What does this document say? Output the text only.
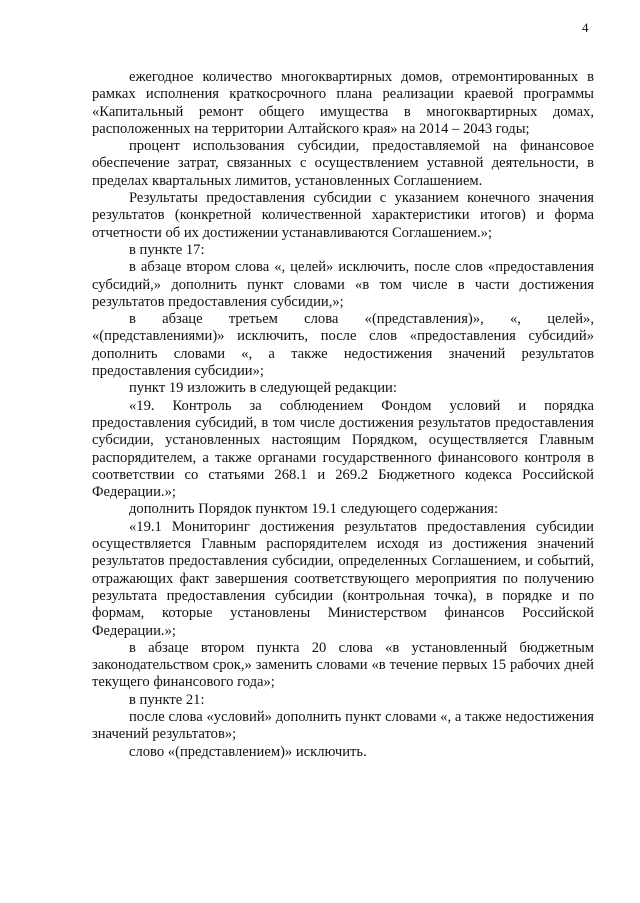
4

ежегодное количество многоквартирных домов, отремонтированных в рамках исполнения краткосрочного плана реализации краевой программы «Капитальный ремонт общего имущества в многоквартирных домах, расположенных на территории Алтайского края» на 2014 – 2043 годы;

процент использования субсидии, предоставляемой на финансовое обеспечение затрат, связанных с осуществлением уставной деятельности, в пределах квартальных лимитов, установленных Соглашением.

Результаты предоставления субсидии с указанием конечного значения результатов (конкретной количественной характеристики итогов) и форма отчетности об их достижении устанавливаются Соглашением.»;

в пункте 17:

в абзаце втором слова «, целей» исключить, после слов «предоставления субсидий,» дополнить пункт словами «в том числе в части достижения результатов предоставления субсидии,»;

в абзаце третьем слова «(представления)», «, целей», «(представлениями)» исключить, после слов «предоставления субсидий» дополнить словами «, а также недостижения значений результатов предоставления субсидии»;

пункт 19 изложить в следующей редакции:

«19. Контроль за соблюдением Фондом условий и порядка предоставления субсидий, в том числе достижения результатов предоставления субсидии, установленных настоящим Порядком, осуществляется Главным распорядителем, а также органами государственного финансового контроля в соответствии со статьями 268.1 и 269.2 Бюджетного кодекса Российской Федерации.»;

дополнить Порядок пунктом 19.1 следующего содержания:

«19.1 Мониторинг достижения результатов предоставления субсидии осуществляется Главным распорядителем исходя из достижения значений результатов предоставления субсидии, определенных Соглашением, и событий, отражающих факт завершения соответствующего мероприятия по получению результата предоставления субсидии (контрольная точка), в порядке и по формам, которые установлены Министерством финансов Российской Федерации.»;

в абзаце втором пункта 20 слова «в установленный бюджетным законодательством срок,» заменить словами «в течение первых 15 рабочих дней текущего финансового года»;

в пункте 21:

после слова «условий» дополнить пункт словами «, а также недостижения значений результатов»;

слово «(представлением)» исключить.
